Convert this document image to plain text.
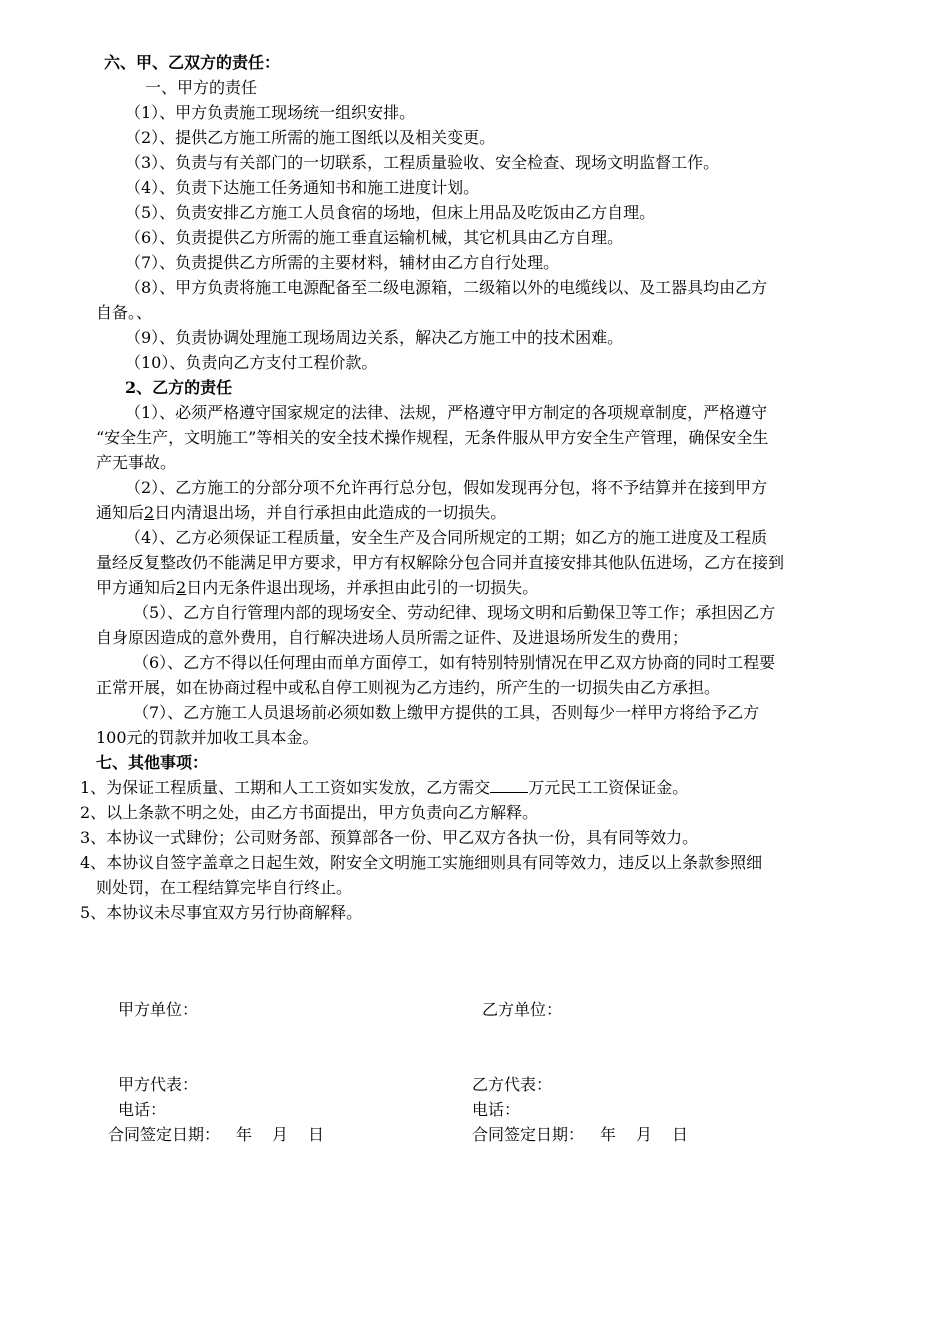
六、甲、乙双方的责任：
一、甲方的责任
（1）、甲方负责施工现场统一组织安排。
（2）、提供乙方施工所需的施工图纸以及相关变更。
（3）、负责与有关部门的一切联系，工程质量验收、安全检查、现场文明监督工作。
（4）、负责下达施工任务通知书和施工进度计划。
（5）、负责安排乙方施工人员食宿的场地，但床上用品及吃饭由乙方自理。
（6）、负责提供乙方所需的施工垂直运输机械，其它机具由乙方自理。
（7）、负责提供乙方所需的主要材料，辅材由乙方自行处理。
（8）、甲方负责将施工电源配备至二级电源箱，二级箱以外的电缆线以、及工器具均由乙方
自备。、
（9）、负责协调处理施工现场周边关系，解决乙方施工中的技术困难。
（10）、负责向乙方支付工程价款。
2、乙方的责任
（1）、必须严格遵守国家规定的法律、法规，严格遵守甲方制定的各项规章制度，严格遵守
“安全生产，文明施工”等相关的安全技术操作规程，无条件服从甲方安全生产管理，确保安全生
产无事故。
（2）、乙方施工的分部分项不允许再行总分包，假如发现再分包，将不予结算并在接到甲方
通知后2日内清退出场，并自行承担由此造成的一切损失。
（4）、乙方必须保证工程质量，安全生产及合同所规定的工期；如乙方的施工进度及工程质
量经反复整改仍不能满足甲方要求，甲方有权解除分包合同并直接安排其他队伍进场，乙方在接到
甲方通知后2日内无条件退出现场，并承担由此引的一切损失。
（5）、乙方自行管理内部的现场安全、劳动纪律、现场文明和后勤保卫等工作；承担因乙方
自身原因造成的意外费用，自行解决进场人员所需之证件、及进退场所发生的费用；
（6）、乙方不得以任何理由而单方面停工，如有特别特别情况在甲乙双方协商的同时工程要
正常开展，如在协商过程中或私自停工则视为乙方违约，所产生的一切损失由乙方承担。
（7）、乙方施工人员退场前必须如数上缴甲方提供的工具，否则每少一样甲方将给予乙方
100元的罚款并加收工具本金。
七、其他事项：
1、为保证工程质量、工期和人工工资如实发放，乙方需交 万元民工工资保证金。
2、以上条款不明之处，由乙方书面提出，甲方负责向乙方解释。
3、本协议一式肆份；公司财务部、预算部各一份、甲乙双方各执一份，具有同等效力。
4、本协议自签字盖章之日起生效，附安全文明施工实施细则具有同等效力，违反以上条款参照细
则处罚，在工程结算完毕自行终止。
5、本协议未尽事宜双方另行协商解释。
甲方单位：	乙方单位：
甲方代表：	乙方代表：
电话：	电话：
合同签定日期： 年 月 日	合同签定日期： 年 月 日
